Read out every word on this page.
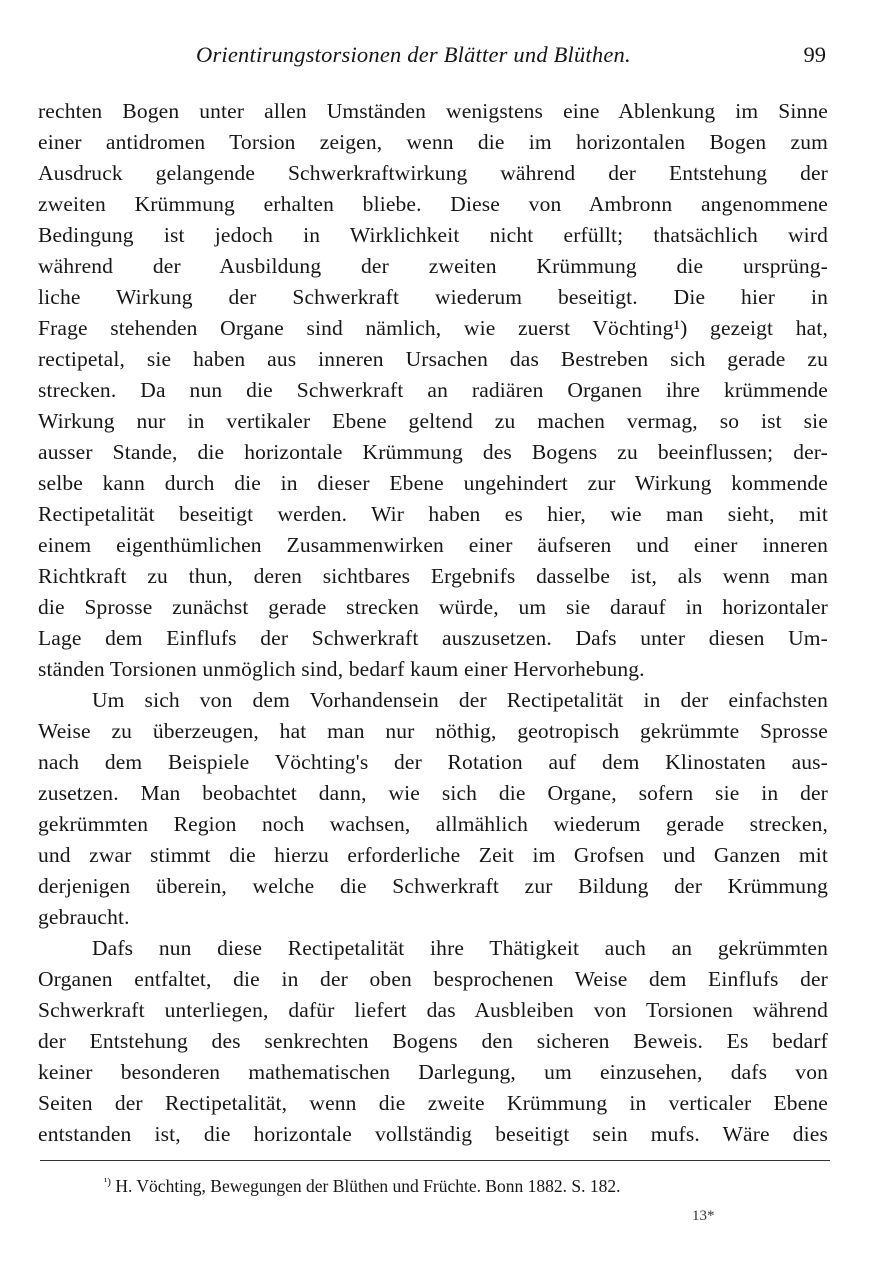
Orientirungstorsionen der Blätter und Blüthen.	99
rechten Bogen unter allen Umständen wenigstens eine Ablenkung im Sinne
einer antidromen Torsion zeigen, wenn die im horizontalen Bogen zum
Ausdruck gelangende Schwerkraftwirkung während der Entstehung der
zweiten Krümmung erhalten bliebe. Diese von Ambronn angenommene
Bedingung ist jedoch in Wirklichkeit nicht erfüllt; thatsächlich wird
während der Ausbildung der zweiten Krümmung die ursprüng-
liche Wirkung der Schwerkraft wiederum beseitigt. Die hier in
Frage stehenden Organe sind nämlich, wie zuerst Vöchting¹) gezeigt hat,
rectipetal, sie haben aus inneren Ursachen das Bestreben sich gerade zu
strecken. Da nun die Schwerkraft an radiären Organen ihre krümmende
Wirkung nur in vertikaler Ebene geltend zu machen vermag, so ist sie
ausser Stande, die horizontale Krümmung des Bogens zu beeinflussen; der-
selbe kann durch die in dieser Ebene ungehindert zur Wirkung kommende
Rectipetalität beseitigt werden. Wir haben es hier, wie man sieht, mit
einem eigenthümlichen Zusammenwirken einer äufseren und einer inneren
Richtkraft zu thun, deren sichtbares Ergebnifs dasselbe ist, als wenn man
die Sprosse zunächst gerade strecken würde, um sie darauf in horizontaler
Lage dem Einflufs der Schwerkraft auszusetzen. Dafs unter diesen Um-
ständen Torsionen unmöglich sind, bedarf kaum einer Hervorhebung.
Um sich von dem Vorhandensein der Rectipetalität in der einfachsten
Weise zu überzeugen, hat man nur nöthig, geotropisch gekrümmte Sprosse
nach dem Beispiele Vöchting's der Rotation auf dem Klinostaten aus-
zusetzen. Man beobachtet dann, wie sich die Organe, sofern sie in der
gekrümmten Region noch wachsen, allmählich wiederum gerade strecken,
und zwar stimmt die hierzu erforderliche Zeit im Grofsen und Ganzen mit
derjenigen überein, welche die Schwerkraft zur Bildung der Krümmung
gebraucht.
Dafs nun diese Rectipetalität ihre Thätigkeit auch an gekrümmten
Organen entfaltet, die in der oben besprochenen Weise dem Einflufs der
Schwerkraft unterliegen, dafür liefert das Ausbleiben von Torsionen während
der Entstehung des senkrechten Bogens den sicheren Beweis. Es bedarf
keiner besonderen mathematischen Darlegung, um einzusehen, dafs von
Seiten der Rectipetalität, wenn die zweite Krümmung in verticaler Ebene
entstanden ist, die horizontale vollständig beseitigt sein mufs. Wäre dies
$^{^1)}$ H. Vöchting, Bewegungen der Blüthen und Früchte. Bonn 1882. S. 182.
13*
